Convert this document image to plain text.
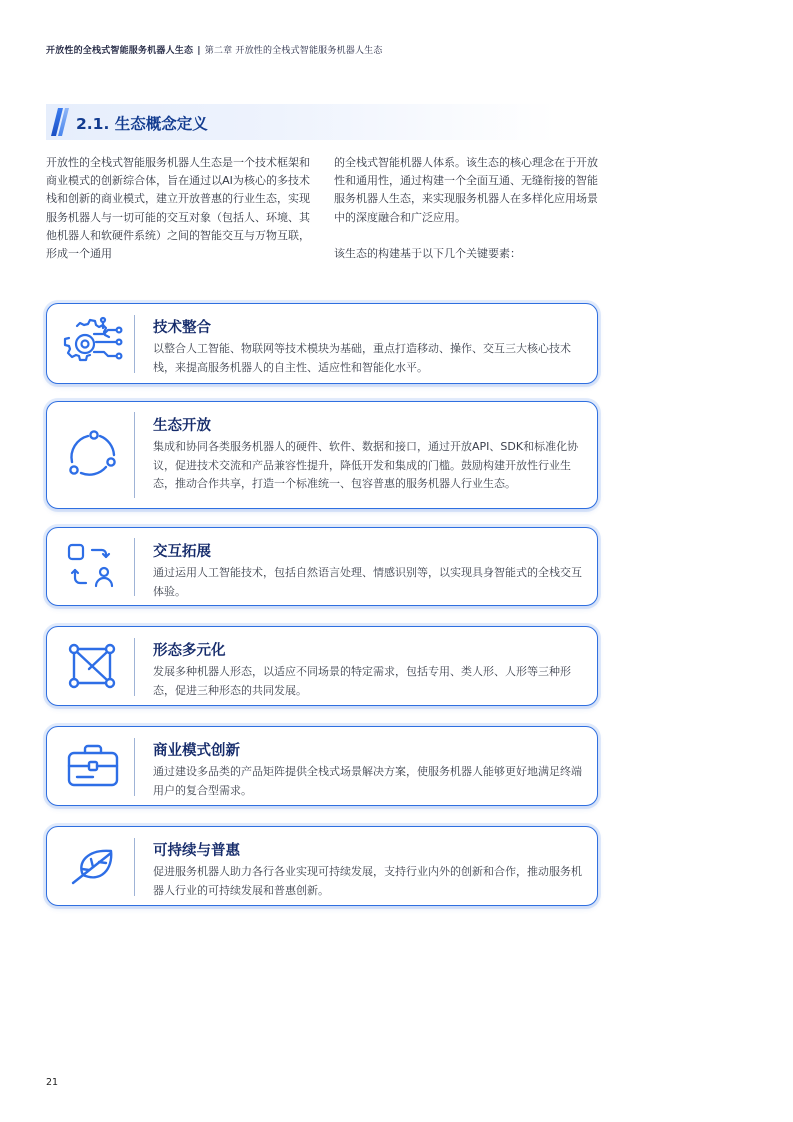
开放性的全栈式智能服务机器人生态 | 第二章 开放性的全栈式智能服务机器人生态
2.1. 生态概念定义
开放性的全栈式智能服务机器人生态是一个技术框架和商业模式的创新综合体，旨在通过以AI为核心的多技术栈和创新的商业模式，建立开放普惠的行业生态，实现服务机器人与一切可能的交互对象（包括人、环境、其他机器人和软硬件系统）之间的智能交互与万物互联，形成一个通用

的全栈式智能机器人体系。该生态的核心理念在于开放性和通用性，通过构建一个全面互通、无缝衔接的智能服务机器人生态，来实现服务机器人在多样化应用场景中的深度融合和广泛应用。

该生态的构建基于以下几个关键要素：

技术整合
以整合人工智能、物联网等技术模块为基础，重点打造移动、操作、交互三大核心技术栈，来提高服务机器人的自主性、适应性和智能化水平。
生态开放
集成和协同各类服务机器人的硬件、软件、数据和接口，通过开放API、SDK和标准化协议，促进技术交流和产品兼容性提升，降低开发和集成的门槛。鼓励构建开放性行业生态，推动合作共享，打造一个标准统一、包容普惠的服务机器人行业生态。
交互拓展
通过运用人工智能技术，包括自然语言处理、情感识别等，以实现具身智能式的全栈交互体验。
形态多元化
发展多种机器人形态，以适应不同场景的特定需求，包括专用、类人形、人形等三种形态，促进三种形态的共同发展。
商业模式创新
通过建设多品类的产品矩阵提供全栈式场景解决方案，使服务机器人能够更好地满足终端用户的复合型需求。
可持续与普惠
促进服务机器人助力各行各业实现可持续发展，支持行业内外的创新和合作，推动服务机器人行业的可持续发展和普惠创新。
21
